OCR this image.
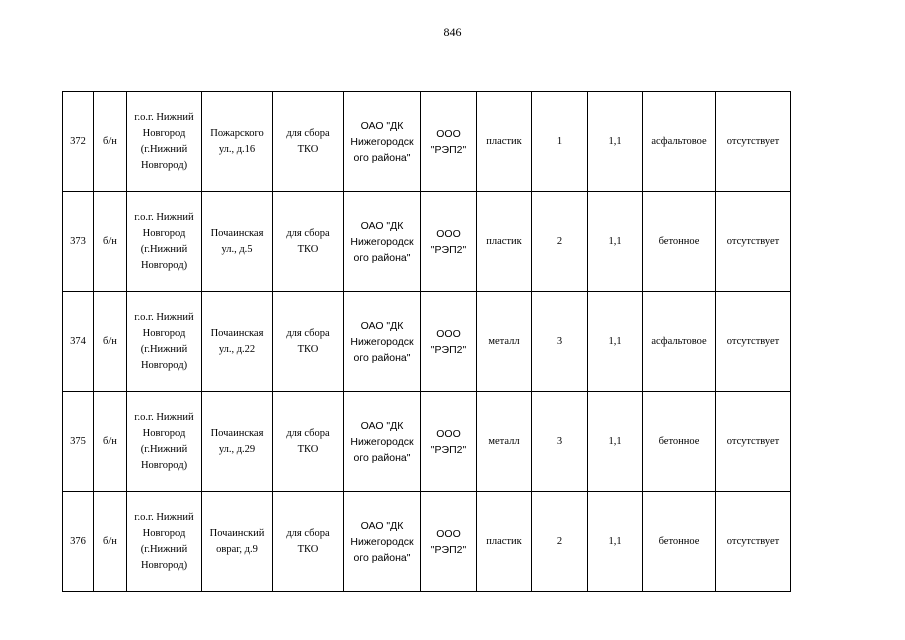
846
372	б/н	г.о.г. Нижний
Новгород
(г.Нижний
Новгород)	Пожарского
ул., д.16	для сбора
ТКО	ОАО "ДК
Нижегородск
ого района"	ООО
"РЭП2"	пластик	1	1,1	асфальтовое	отсутствует
373	б/н	г.о.г. Нижний
Новгород
(г.Нижний
Новгород)	Почаинская
ул., д.5	для сбора
ТКО	ОАО "ДК
Нижегородск
ого района"	ООО
"РЭП2"	пластик	2	1,1	бетонное	отсутствует
374	б/н	г.о.г. Нижний
Новгород
(г.Нижний
Новгород)	Почаинская
ул., д.22	для сбора
ТКО	ОАО "ДК
Нижегородск
ого района"	ООО
"РЭП2"	металл	3	1,1	асфальтовое	отсутствует
375	б/н	г.о.г. Нижний
Новгород
(г.Нижний
Новгород)	Почаинская
ул., д.29	для сбора
ТКО	ОАО "ДК
Нижегородск
ого района"	ООО
"РЭП2"	металл	3	1,1	бетонное	отсутствует
376	б/н	г.о.г. Нижний
Новгород
(г.Нижний
Новгород)	Почаинский
овраг, д.9	для сбора
ТКО	ОАО "ДК
Нижегородск
ого района"	ООО
"РЭП2"	пластик	2	1,1	бетонное	отсутствует
